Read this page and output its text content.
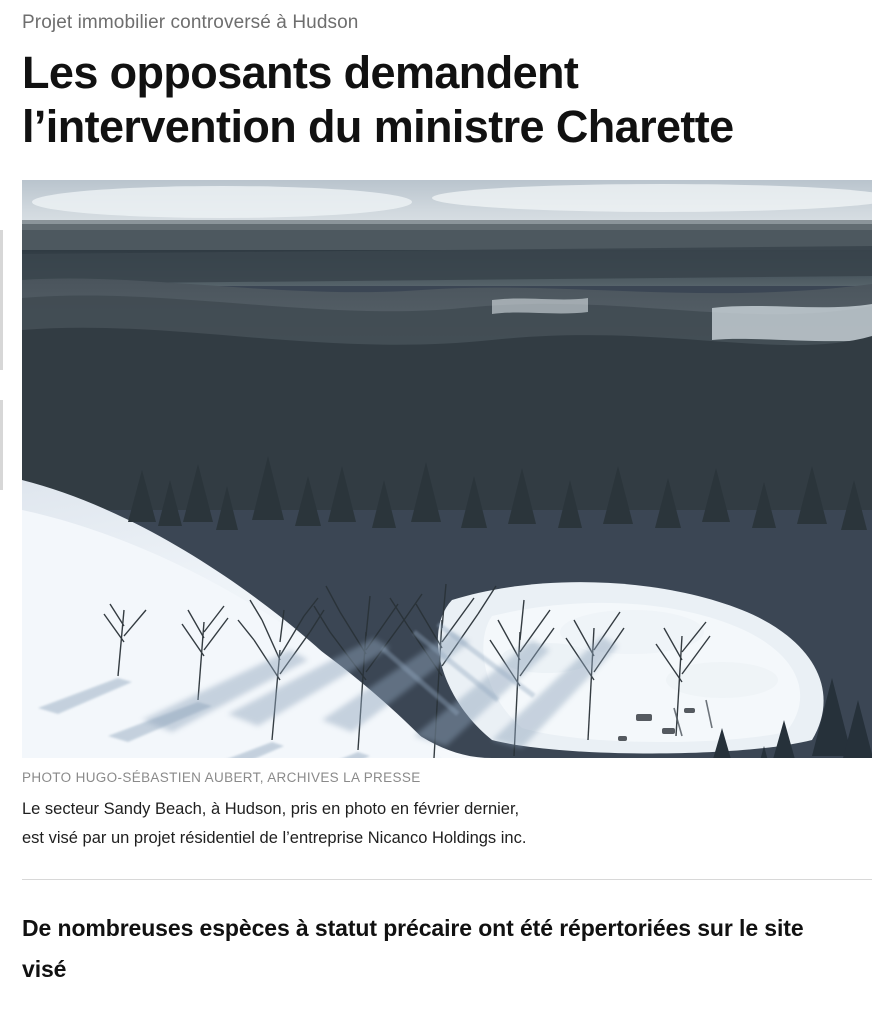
Projet immobilier controversé à Hudson

Les opposants demandent l’intervention du ministre Charette
PHOTO HUGO-SÉBASTIEN AUBERT, ARCHIVES LA PRESSE

Le secteur Sandy Beach, à Hudson, pris en photo en février dernier,

est visé par un projet résidentiel de l’entreprise Nicanco Holdings inc.

De nombreuses espèces à statut précaire ont été répertoriées sur le site visé
